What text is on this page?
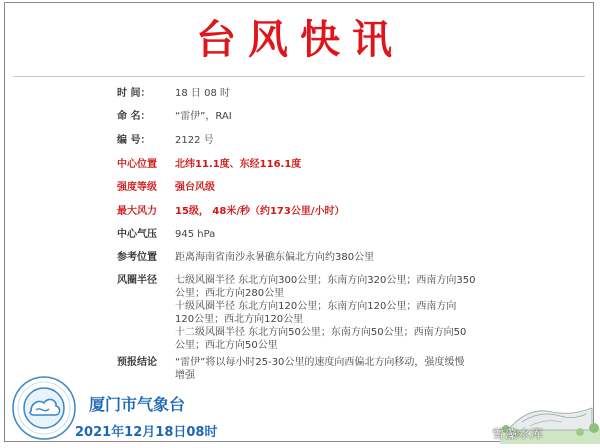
台风快讯
时 间：	18 日 08 时
命 名：	“雷伊”，RAI
编 号：	2122 号
中心位置	北纬11.1度、东经116.1度
强度等级	强台风级
最大风力	15级， 48米/秒（约173公里/小时）
中心气压	945 hPa
参考位置	距离海南省南沙永暑礁东偏北方向约380公里
风圈半径	七级风圈半径 东北方向300公里；东南方向320公里；西南方向350
公里；西北方向280公里
十级风圈半径 东北方向120公里；东南方向120公里；西南方向
120公里；西北方向120公里
十二级风圈半径 东北方向50公里；东南方向50公里；西南方向50
公里；西北方向50公里
预报结论	“雷伊”将以每小时25-30公里的速度向西偏北方向移动，强度缓慢
增强
厦门市气象台
2021年12月18日08时	雪藻水库
